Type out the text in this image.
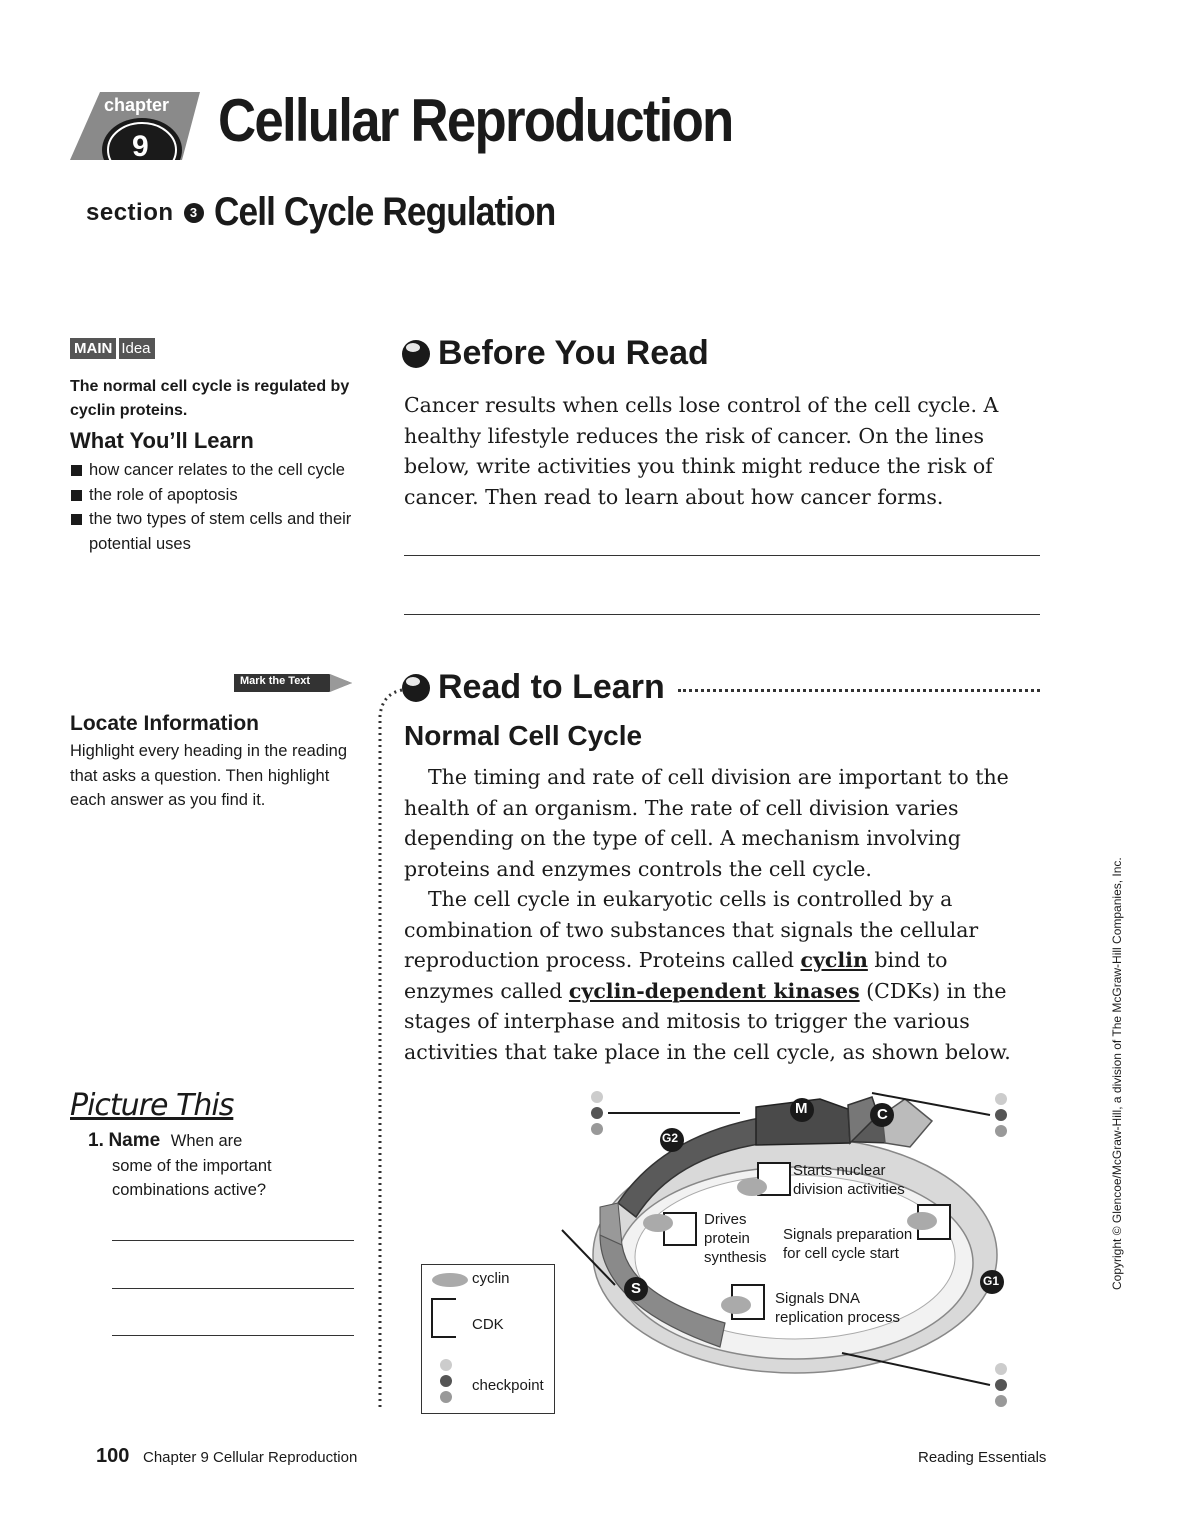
chapter
9 Cellular Reproduction
section	3 Cell Cycle Regulation
MAIN Idea
The normal cell cycle is regulated by cyclin proteins.
What You’ll Learn
how cancer relates to the cell cycle
the role of apoptosis
the two types of stem cells and their potential uses
Mark the Text
Locate Information
Highlight every heading in the reading that asks a question. Then highlight each answer as you find it.
Picture This
1. Name When are
some of the important combinations active?
Before You Read
Cancer results when cells lose control of the cell cycle. A healthy lifestyle reduces the risk of cancer. On the lines below, write activities you think might reduce the risk of cancer. Then read to learn about how cancer forms.
Read to Learn
Normal Cell Cycle
The timing and rate of cell division are important to the health of an organism. The rate of cell division varies depending on the type of cell. A mechanism involving proteins and enzymes controls the cell cycle.
The cell cycle in eukaryotic cells is controlled by a combination of two substances that signals the cellular reproduction process. Proteins called cyclin bind to enzymes called cyclin-dependent kinases (CDKs) in the stages of interphase and mitosis to trigger the various activities that take place in the cell cycle, as shown below.
M	C
G2
S	G1
Starts nuclear division activities
Drives protein synthesis
Signals preparation for cell cycle start
Signals DNA replication process
cyclin
CDK
checkpoint
100 Chapter 9 Cellular Reproduction	Reading Essentials
Copyright © Glencoe/McGraw-Hill, a division of The McGraw-Hill Companies, Inc.
